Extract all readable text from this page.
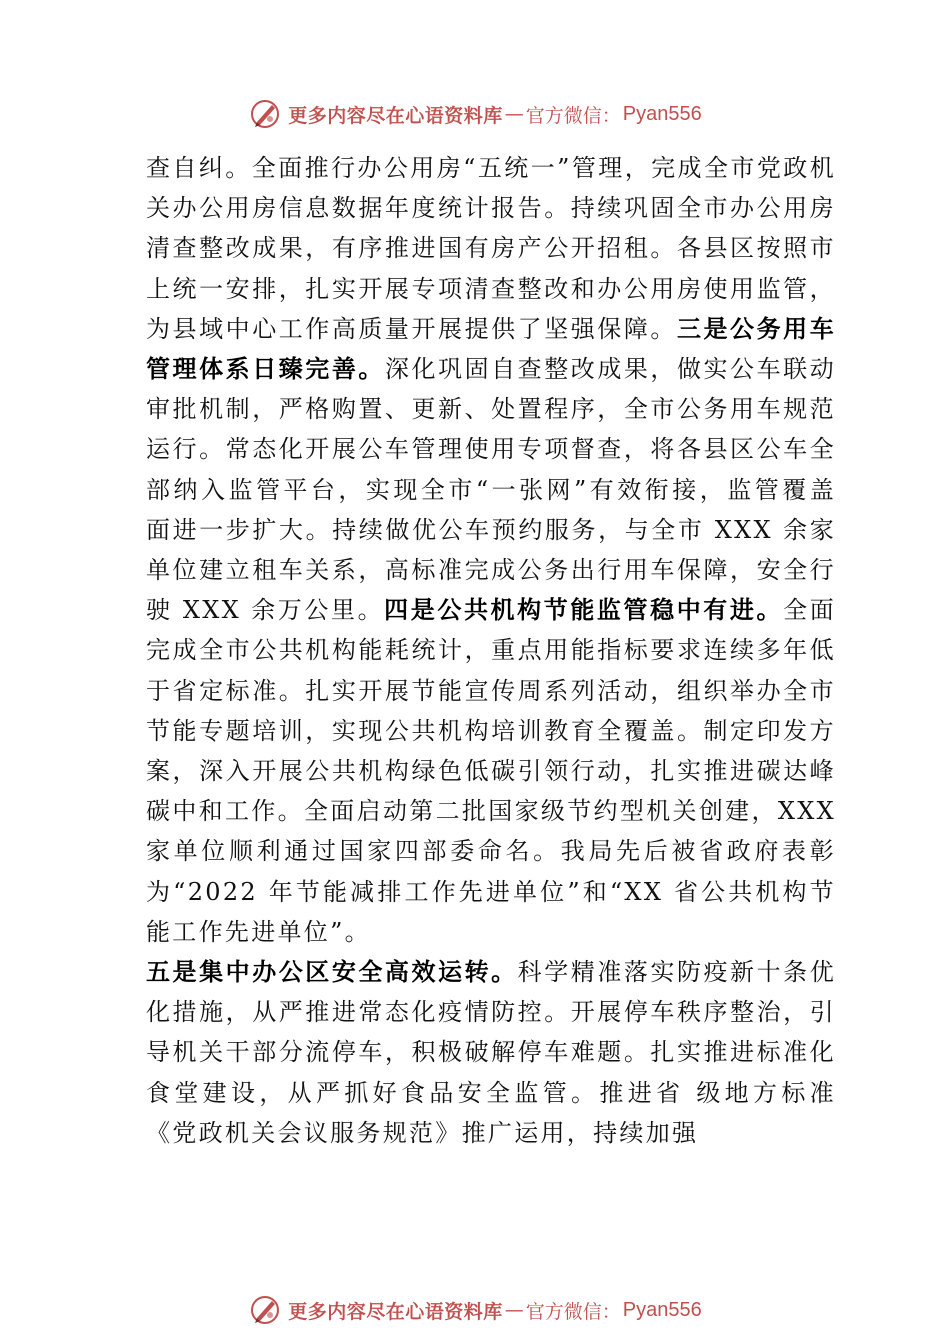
更多内容尽在心语资料库 — 官方微信： Pyan556
查自纠。全面推行办公用房“五统一”管理，完成全市党政机关办公用房信息数据年度统计报告。持续巩固全市办公用房清查整改成果，有序推进国有房产公开招租。各县区按照市上统一安排，扎实开展专项清查整改和办公用房使用监管，为县域中心工作高质量开展提供了坚强保障。三是公务用车管理体系日臻完善。深化巩固自查整改成果，做实公车联动审批机制，严格购置、更新、处置程序，全市公务用车规范运行。常态化开展公车管理使用专项督查，将各县区公车全 部纳入监管平台，实现全市“一张网”有效衔接，监管覆盖 面进一步扩大。持续做优公车预约服务，与全市 XXX 余家 单位建立租车关系，高标准完成公务出行用车保障，安全行 驶 XXX 余万公里。四是公共机构节能监管稳中有进。全面完成全市公共机构能耗统计，重点用能指标要求连续多年低 于省定标准。扎实开展节能宣传周系列活动，组织举办全市 节能专题培训，实现公共机构培训教育全覆盖。制定印发方案，深入开展公共机构绿色低碳引领行动，扎实推进碳达峰 碳中和工作。全面启动第二批国家级节约型机关创建，XXX 家单位顺利通过国家四部委命名。我局先后被省政府表彰为“2022 年节能减排工作先进单位”和“XX 省公共机构节能工作先进单位”。
五是集中办公区安全高效运转。科学精准落实防疫新十条优化措施，从严推进常态化疫情防控。开展停车秩序整治，引导机关干部分流停车，积极破解停车难题。扎实推进标准化食堂建设，从严抓好食品安全监管。推进省 级地方标准《党政机关会议服务规范》推广运用，持续加强
更多内容尽在心语资料库 — 官方微信： Pyan556
